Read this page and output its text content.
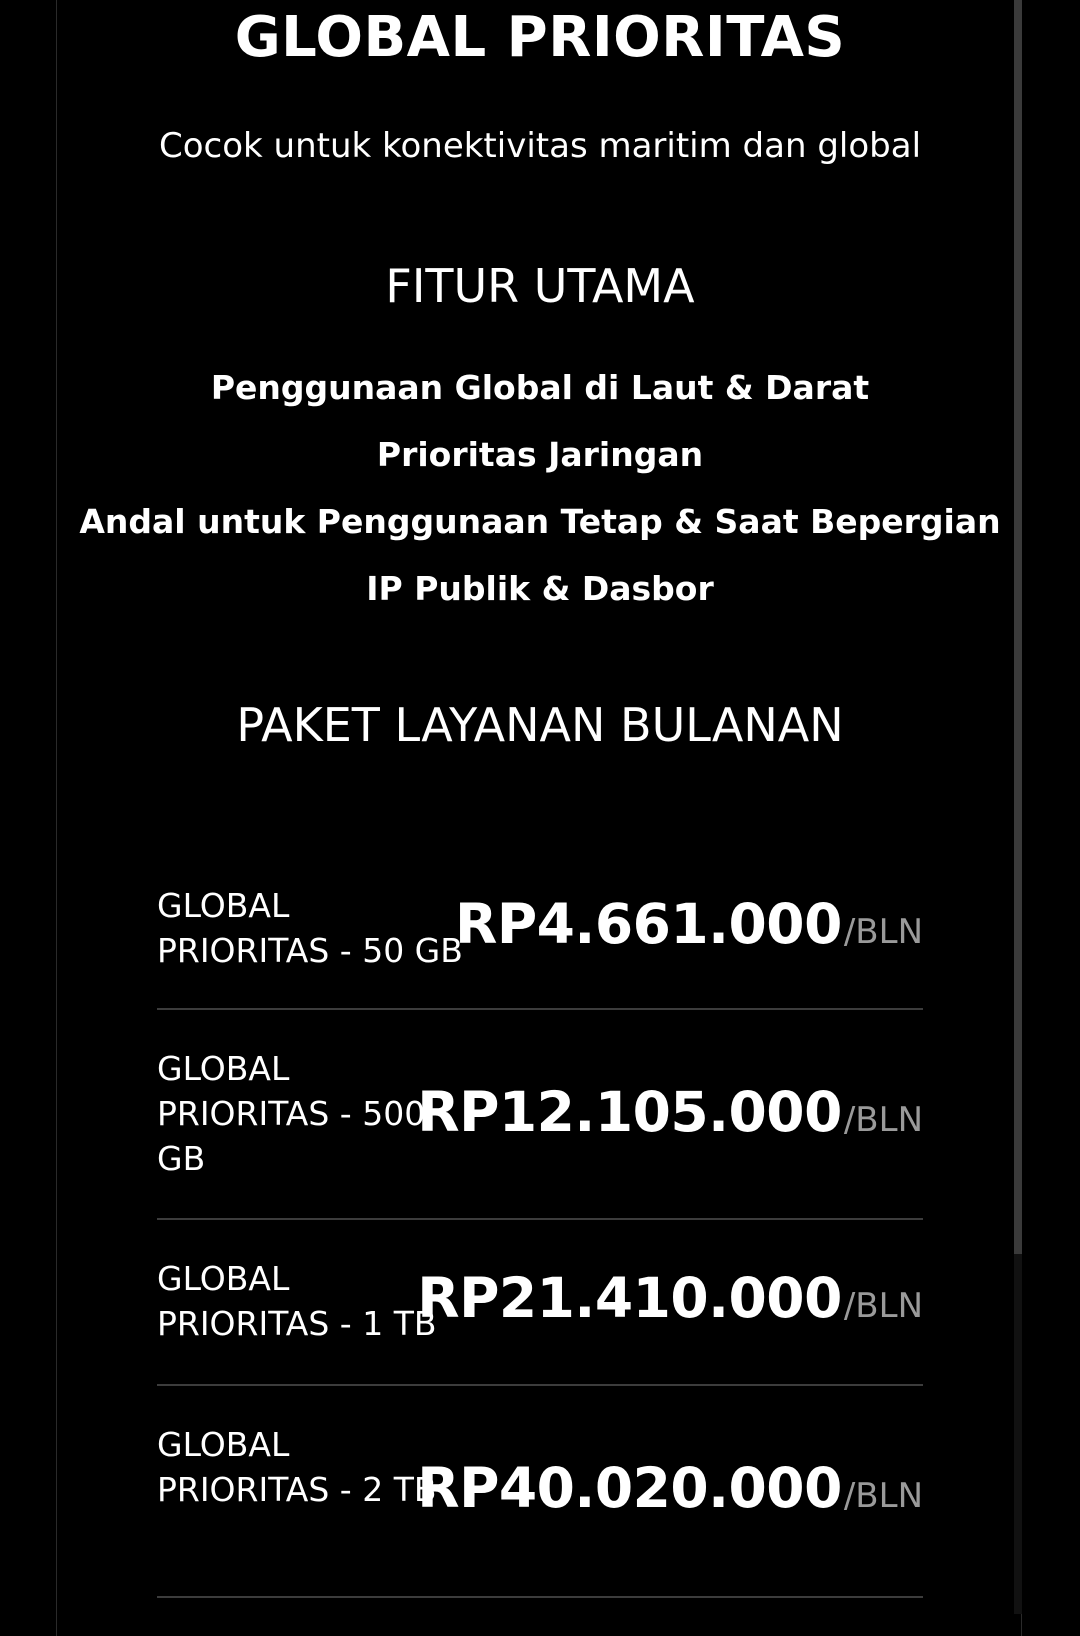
GLOBAL PRIORITAS

Cocok untuk konektivitas maritim dan global

FITUR UTAMA
Penggunaan Global di Laut & Darat
Prioritas Jaringan
Andal untuk Penggunaan Tetap & Saat Bepergian
IP Publik & Dasbor
PAKET LAYANAN BULANAN
GLOBAL PRIORITAS - 50 GB
RP4.661.000/BLN
GLOBAL PRIORITAS - 500 GB
RP12.105.000/BLN
GLOBAL PRIORITAS - 1 TB
RP21.410.000/BLN
GLOBAL PRIORITAS - 2 TB
RP40.020.000/BLN
